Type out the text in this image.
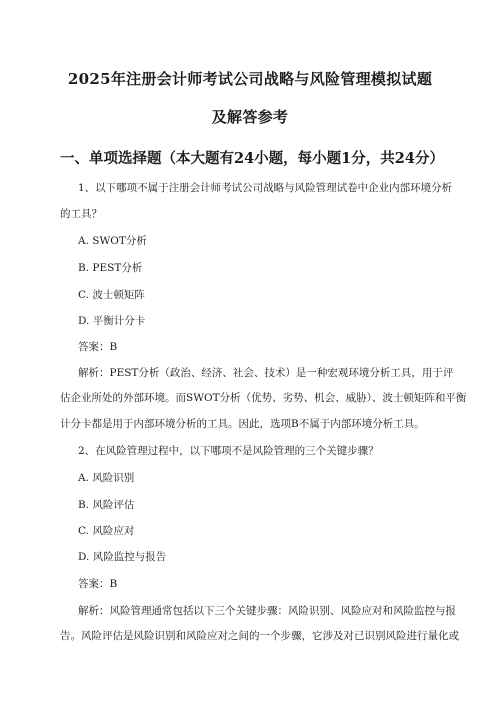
2025年注册会计师考试公司战略与风险管理模拟试题
及解答参考
一、单项选择题（本大题有24小题，每小题1分，共24分）
1、以下哪项不属于注册会计师考试公司战略与风险管理试卷中企业内部环境分析
的工具？
A. SWOT分析
B. PEST分析
C. 波士顿矩阵
D. 平衡计分卡
答案：B
解析：PEST分析（政治、经济、社会、技术）是一种宏观环境分析工具，用于评
估企业所处的外部环境。而SWOT分析（优势、劣势、机会、威胁）、波士顿矩阵和平衡
计分卡都是用于内部环境分析的工具。因此，选项B不属于内部环境分析工具。
2、在风险管理过程中，以下哪项不是风险管理的三个关键步骤？
A. 风险识别
B. 风险评估
C. 风险应对
D. 风险监控与报告
答案：B
解析：风险管理通常包括以下三个关键步骤：风险识别、风险应对和风险监控与报
告。风险评估是风险识别和风险应对之间的一个步骤，它涉及对已识别风险进行量化或
